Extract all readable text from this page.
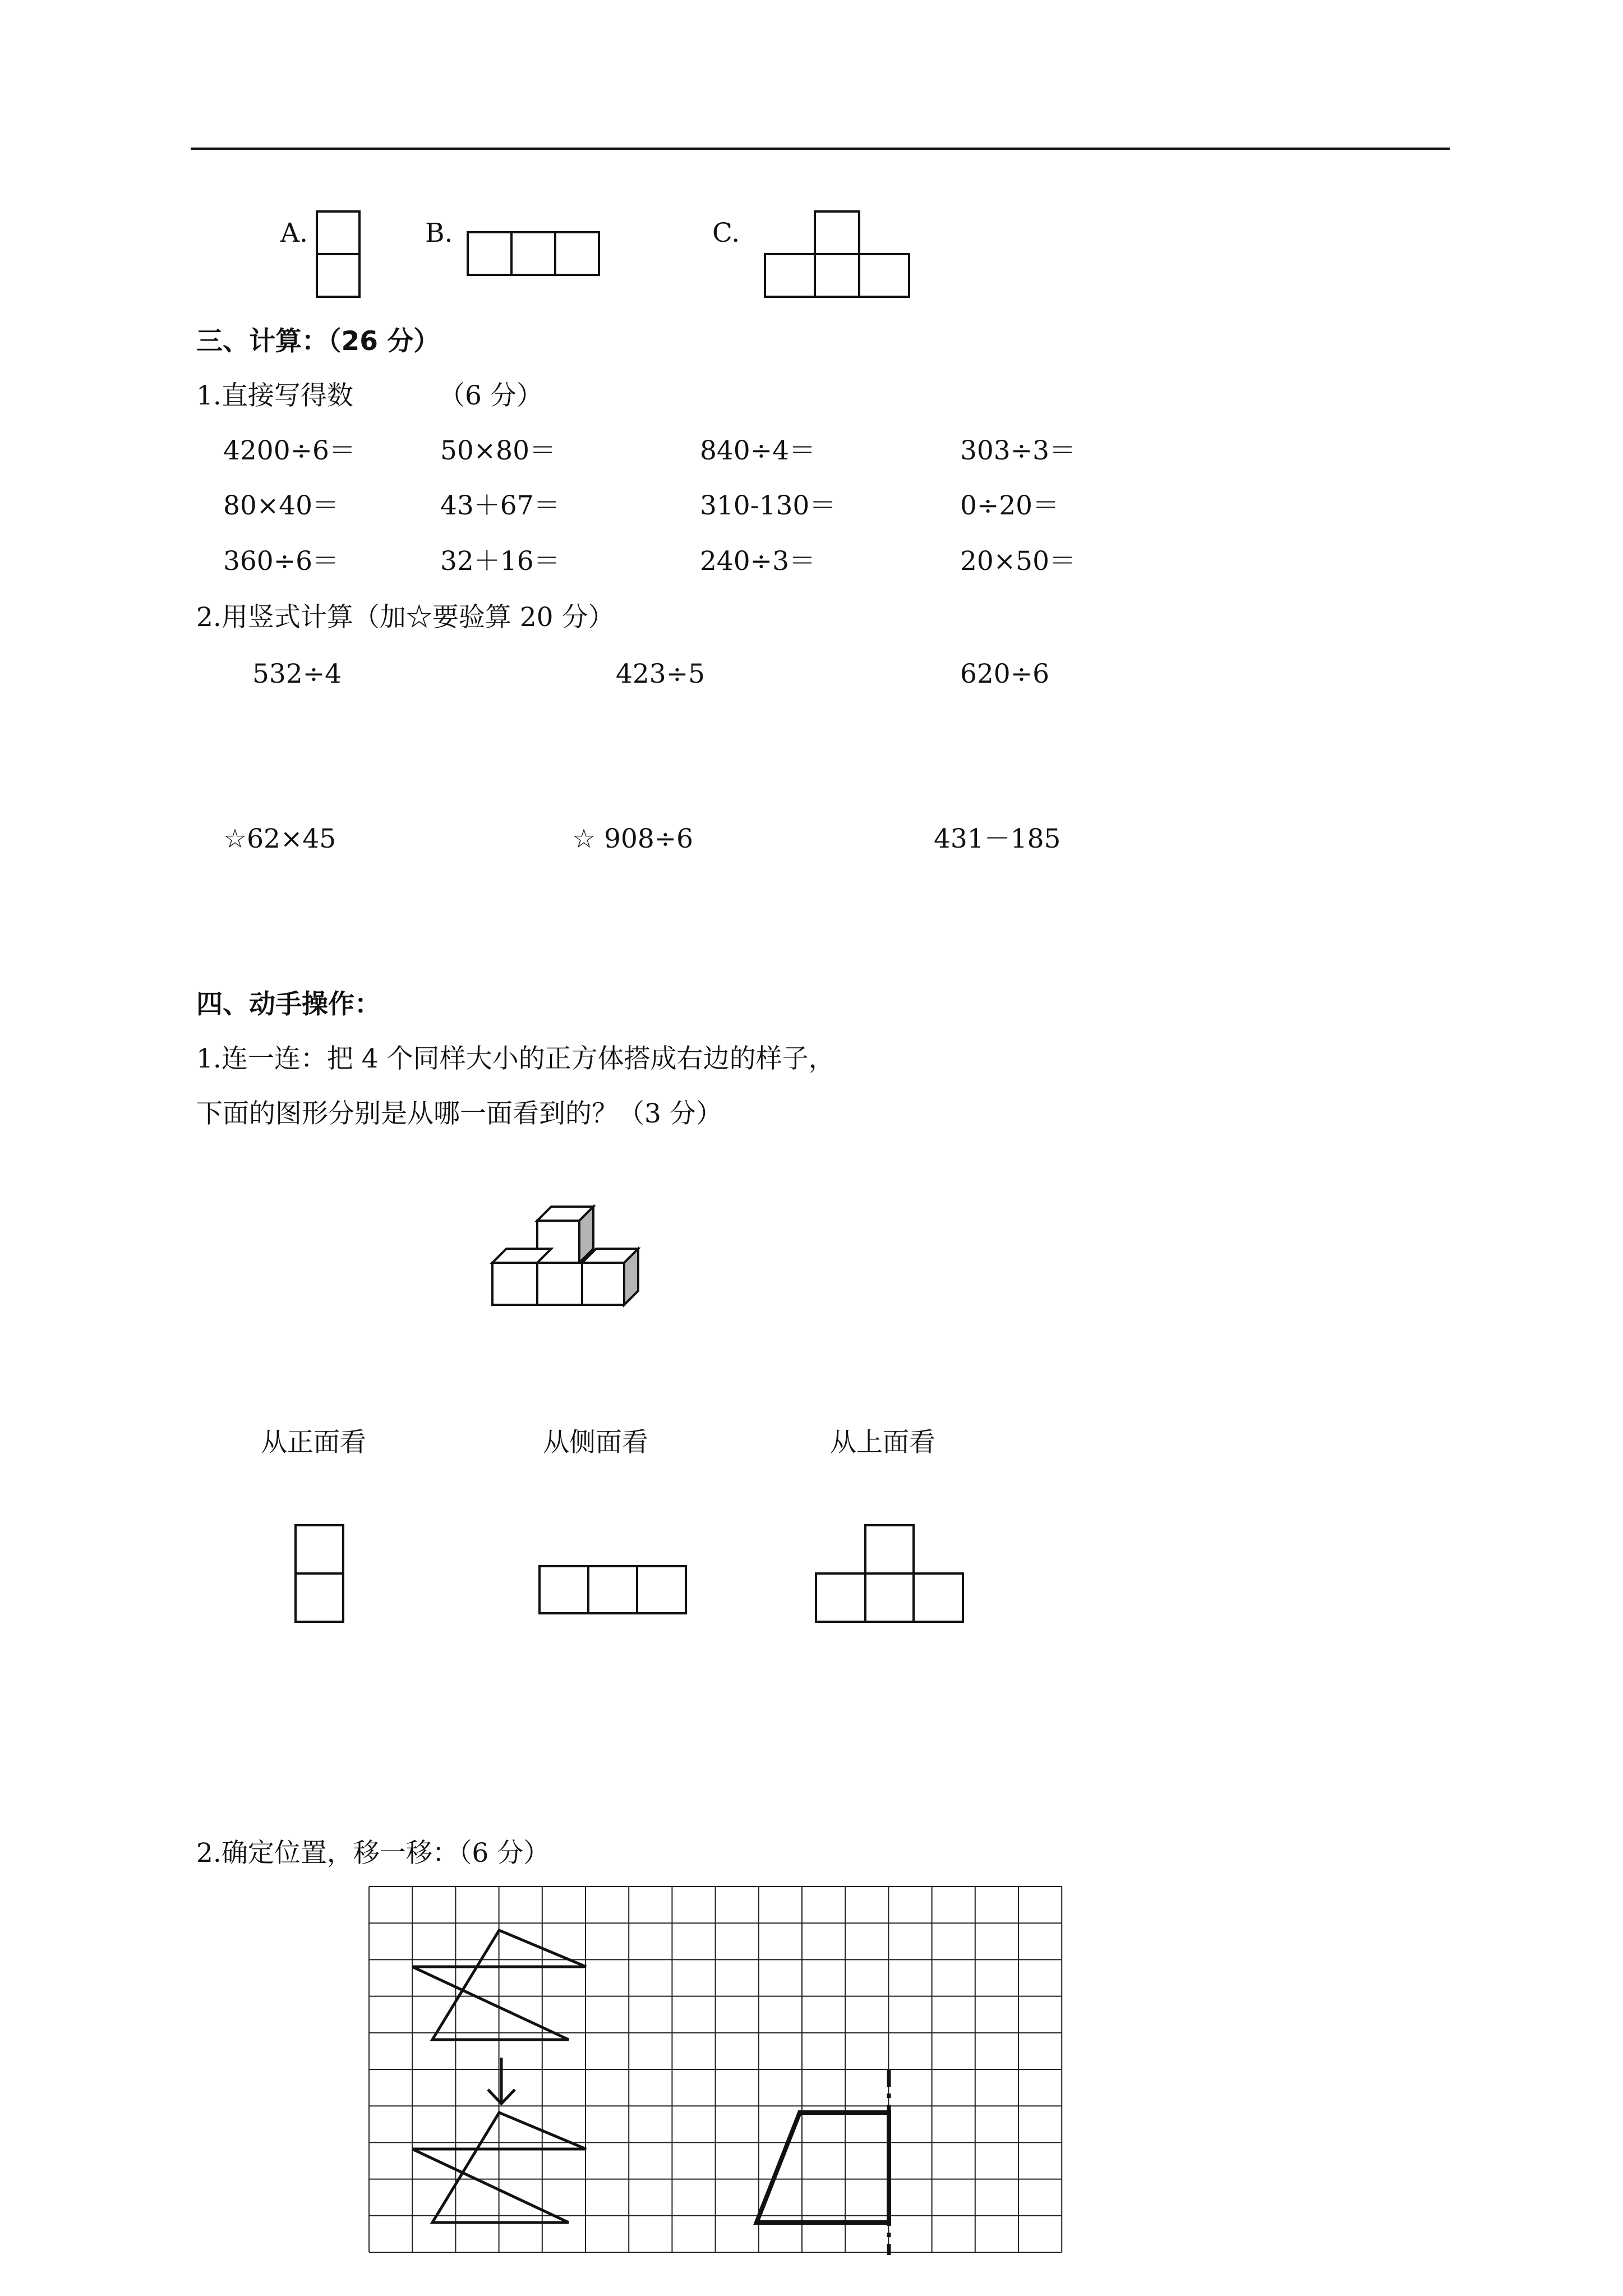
A.	B.	C.
三、计算：（26 分）
1.直接写得数	（6 分）
4200÷6＝	50×80＝	840÷4＝	303÷3＝
80×40＝	43＋67＝	310-130＝	0÷20＝
360÷6＝	32＋16＝	240÷3＝	20×50＝
2.用竖式计算（加☆要验算 20 分）
532÷4	423÷5	620÷6
☆62×45	☆ 908÷6	431－185
四、动手操作：
1.连一连：把 4 个同样大小的正方体搭成右边的样子，
下面的图形分别是从哪一面看到的？（3 分）
从正面看	从侧面看	从上面看
2.确定位置，移一移：（6 分）
